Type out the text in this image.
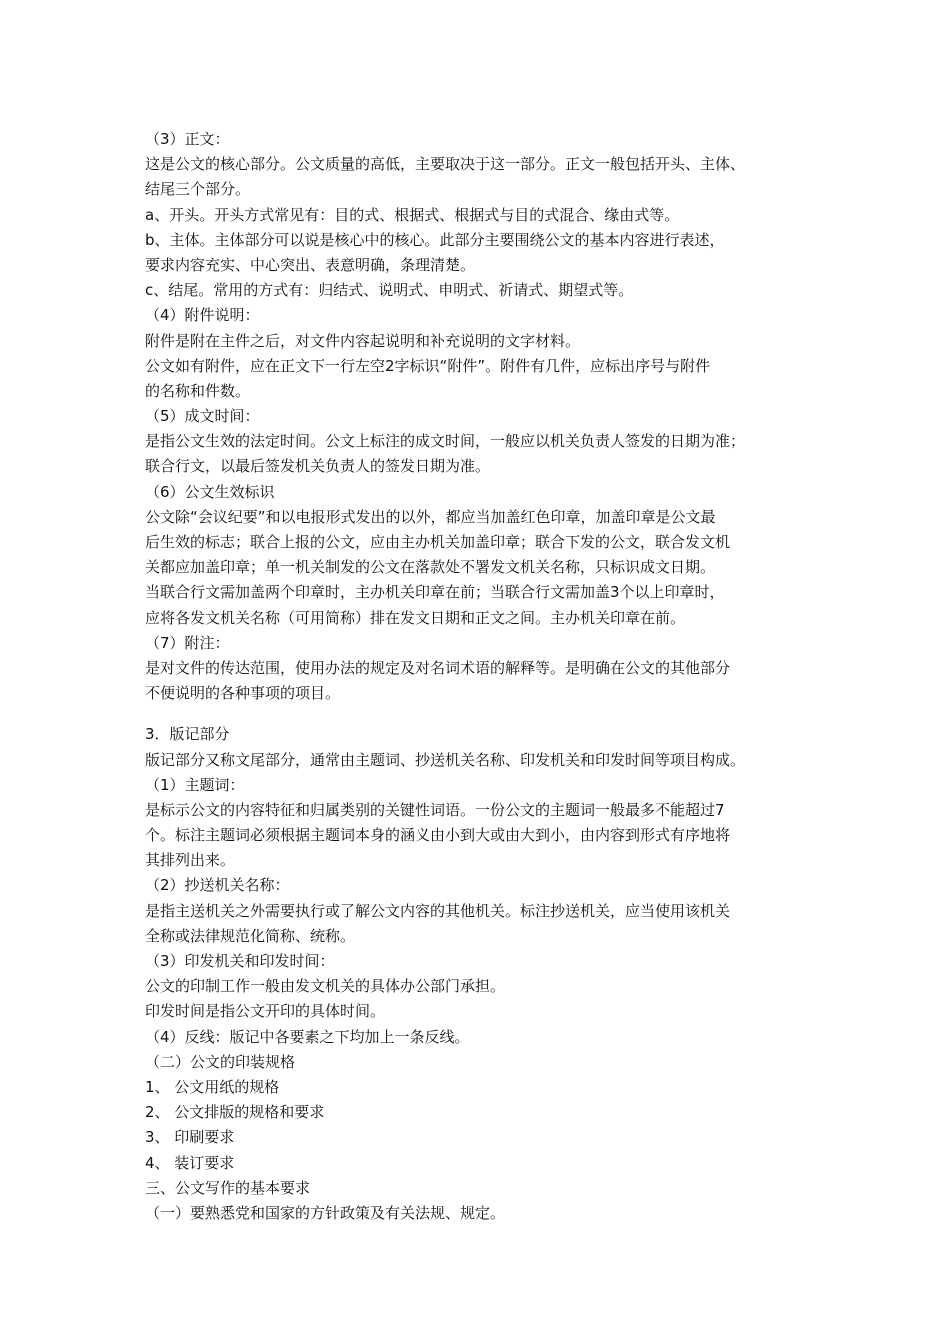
（3）正文：
这是公文的核心部分。公文质量的高低，主要取决于这一部分。正文一般包括开头、主体、
结尾三个部分。
a、开头。开头方式常见有：目的式、根据式、根据式与目的式混合、缘由式等。
b、主体。主体部分可以说是核心中的核心。此部分主要围绕公文的基本内容进行表述，
要求内容充实、中心突出、表意明确，条理清楚。
c、结尾。常用的方式有：归结式、说明式、申明式、祈请式、期望式等。
（4）附件说明：
附件是附在主件之后，对文件内容起说明和补充说明的文字材料。
公文如有附件，应在正文下一行左空2字标识“附件”。附件有几件，应标出序号与附件
的名称和件数。
（5）成文时间：
是指公文生效的法定时间。公文上标注的成文时间，一般应以机关负责人签发的日期为准；
联合行文，以最后签发机关负责人的签发日期为准。
（6）公文生效标识
公文除“会议纪要”和以电报形式发出的以外，都应当加盖红色印章，加盖印章是公文最
后生效的标志；联合上报的公文，应由主办机关加盖印章；联合下发的公文，联合发文机
关都应加盖印章；单一机关制发的公文在落款处不署发文机关名称，只标识成文日期。
当联合行文需加盖两个印章时，主办机关印章在前；当联合行文需加盖3个以上印章时，
应将各发文机关名称（可用简称）排在发文日期和正文之间。主办机关印章在前。
（7）附注：
是对文件的传达范围，使用办法的规定及对名词术语的解释等。是明确在公文的其他部分
不便说明的各种事项的项目。
3．版记部分
版记部分又称文尾部分，通常由主题词、抄送机关名称、印发机关和印发时间等项目构成。
（1）主题词：
是标示公文的内容特征和归属类别的关键性词语。一份公文的主题词一般最多不能超过7
个。标注主题词必须根据主题词本身的涵义由小到大或由大到小，由内容到形式有序地将
其排列出来。
（2）抄送机关名称：
是指主送机关之外需要执行或了解公文内容的其他机关。标注抄送机关，应当使用该机关
全称或法律规范化简称、统称。
（3）印发机关和印发时间：
公文的印制工作一般由发文机关的具体办公部门承担。
印发时间是指公文开印的具体时间。
（4）反线：版记中各要素之下均加上一条反线。
（二）公文的印装规格
1、 公文用纸的规格
2、 公文排版的规格和要求
3、 印刷要求
4、 装订要求
三、公文写作的基本要求
（一）要熟悉党和国家的方针政策及有关法规、规定。
